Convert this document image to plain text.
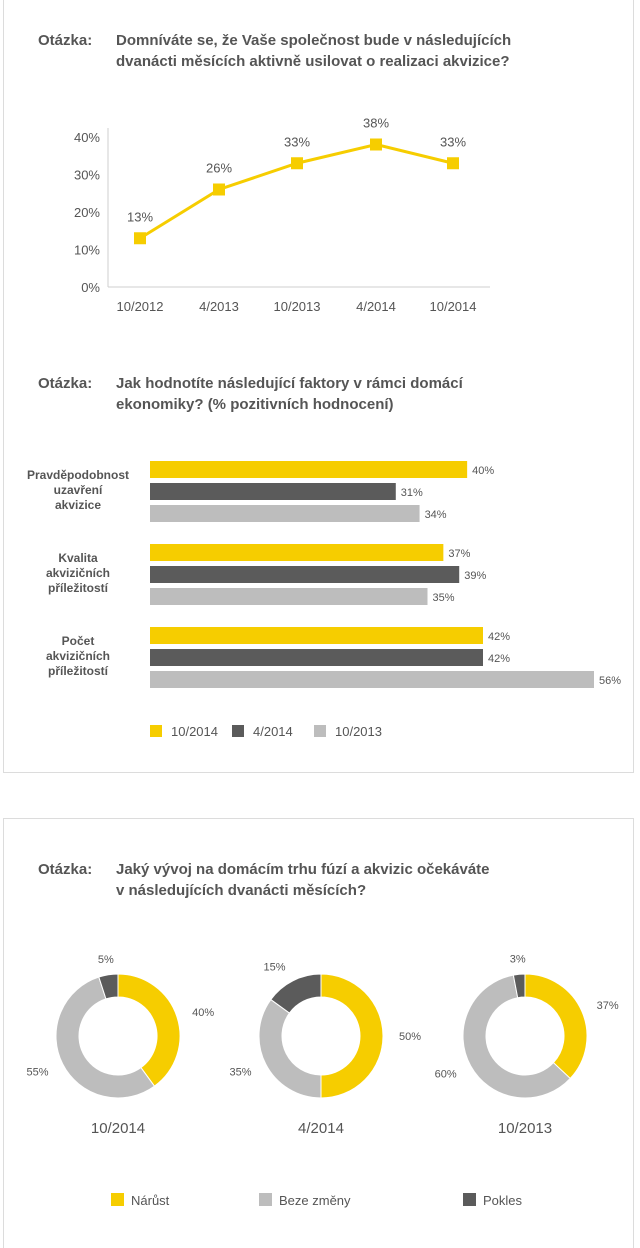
Otázka: Domníváte se, že Vaše společnost bude v následujících
dvanácti měsících aktivně usilovat o realizaci akvizice?
Otázka: Jak hodnotíte následující faktory v rámci domácí
ekonomiky? (% pozitivních hodnocení)
Otázka: Jaký vývoj na domácím trhu fúzí a akvizic očekáváte
v následujících dvanácti měsících?
0%
10%
20%
30%
40%
10/2012	4/2013	10/2013	4/2014	10/2014
13%
26%
33%
38%
33%
Pravděpodobnost
uzavření
akvizice
40%
31%
34%
Kvalita
akvizičních
příležitostí
37%
39%
35%
Počet
akvizičních
příležitostí
42%
42%
56%
10/2014	4/2014	10/2013
40%
55%
5%
10/2014
50%
35%
15%
4/2014
37%
60%
3%
10/2013
Nárůst	Beze změny	Pokles
